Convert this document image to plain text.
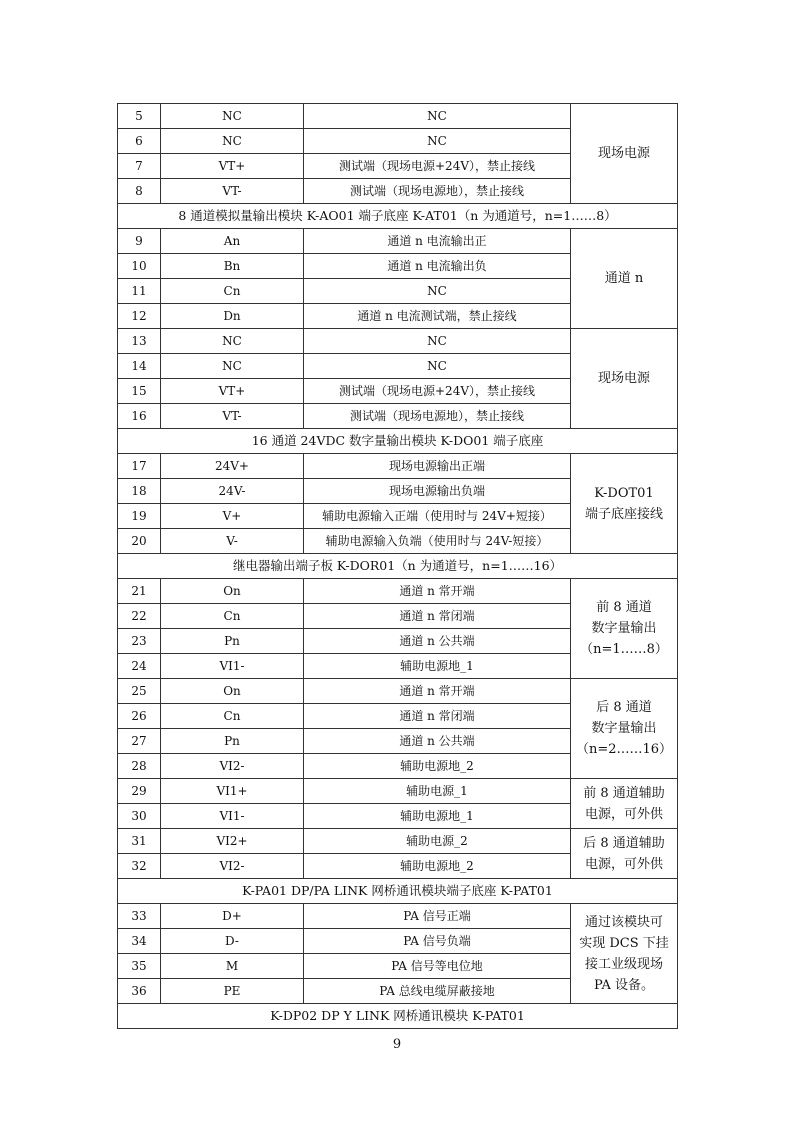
5	NC	NC	现场电源
6	NC	NC	
7	VT+	测试端（现场电源+24V），禁止接线	
8	VT-	测试端（现场电源地），禁止接线	
8 通道模拟量输出模块 K-AO01 端子底座 K-AT01（n 为通道号，n=1……8）			
9	An	通道 n 电流输出正	通道 n
10	Bn	通道 n 电流输出负	
11	Cn	NC	
12	Dn	通道 n 电流测试端，禁止接线	
13	NC	NC	现场电源
14	NC	NC	
15	VT+	测试端（现场电源+24V），禁止接线	
16	VT-	测试端（现场电源地），禁止接线	
16 通道 24VDC 数字量输出模块 K-DO01 端子底座			
17	24V+	现场电源输出正端	K-DOT01
端子底座接线
18	24V-	现场电源输出负端	
19	V+	辅助电源输入正端（使用时与 24V+短接）	
20	V-	辅助电源输入负端（使用时与 24V-短接）	
继电器输出端子板 K-DOR01（n 为通道号，n=1……16）			
21	On	通道 n 常开端	前 8 通道
数字量输出
（n=1……8）
22	Cn	通道 n 常闭端	
23	Pn	通道 n 公共端	
24	VI1-	辅助电源地_1	
25	On	通道 n 常开端	后 8 通道
数字量输出
（n=2……16）
26	Cn	通道 n 常闭端	
27	Pn	通道 n 公共端	
28	VI2-	辅助电源地_2	
29	VI1+	辅助电源_1	前 8 通道辅助
电源，可外供
30	VI1-	辅助电源地_1	
31	VI2+	辅助电源_2	后 8 通道辅助
电源，可外供
32	VI2-	辅助电源地_2	
K-PA01 DP/PA LINK 网桥通讯模块端子底座 K-PAT01			
33	D+	PA 信号正端	通过该模块可
实现 DCS 下挂
接工业级现场
PA 设备。
34	D-	PA 信号负端	
35	M	PA 信号等电位地	
36	PE	PA 总线电缆屏蔽接地	
K-DP02 DP Y LINK 网桥通讯模块 K-PAT01			
9
